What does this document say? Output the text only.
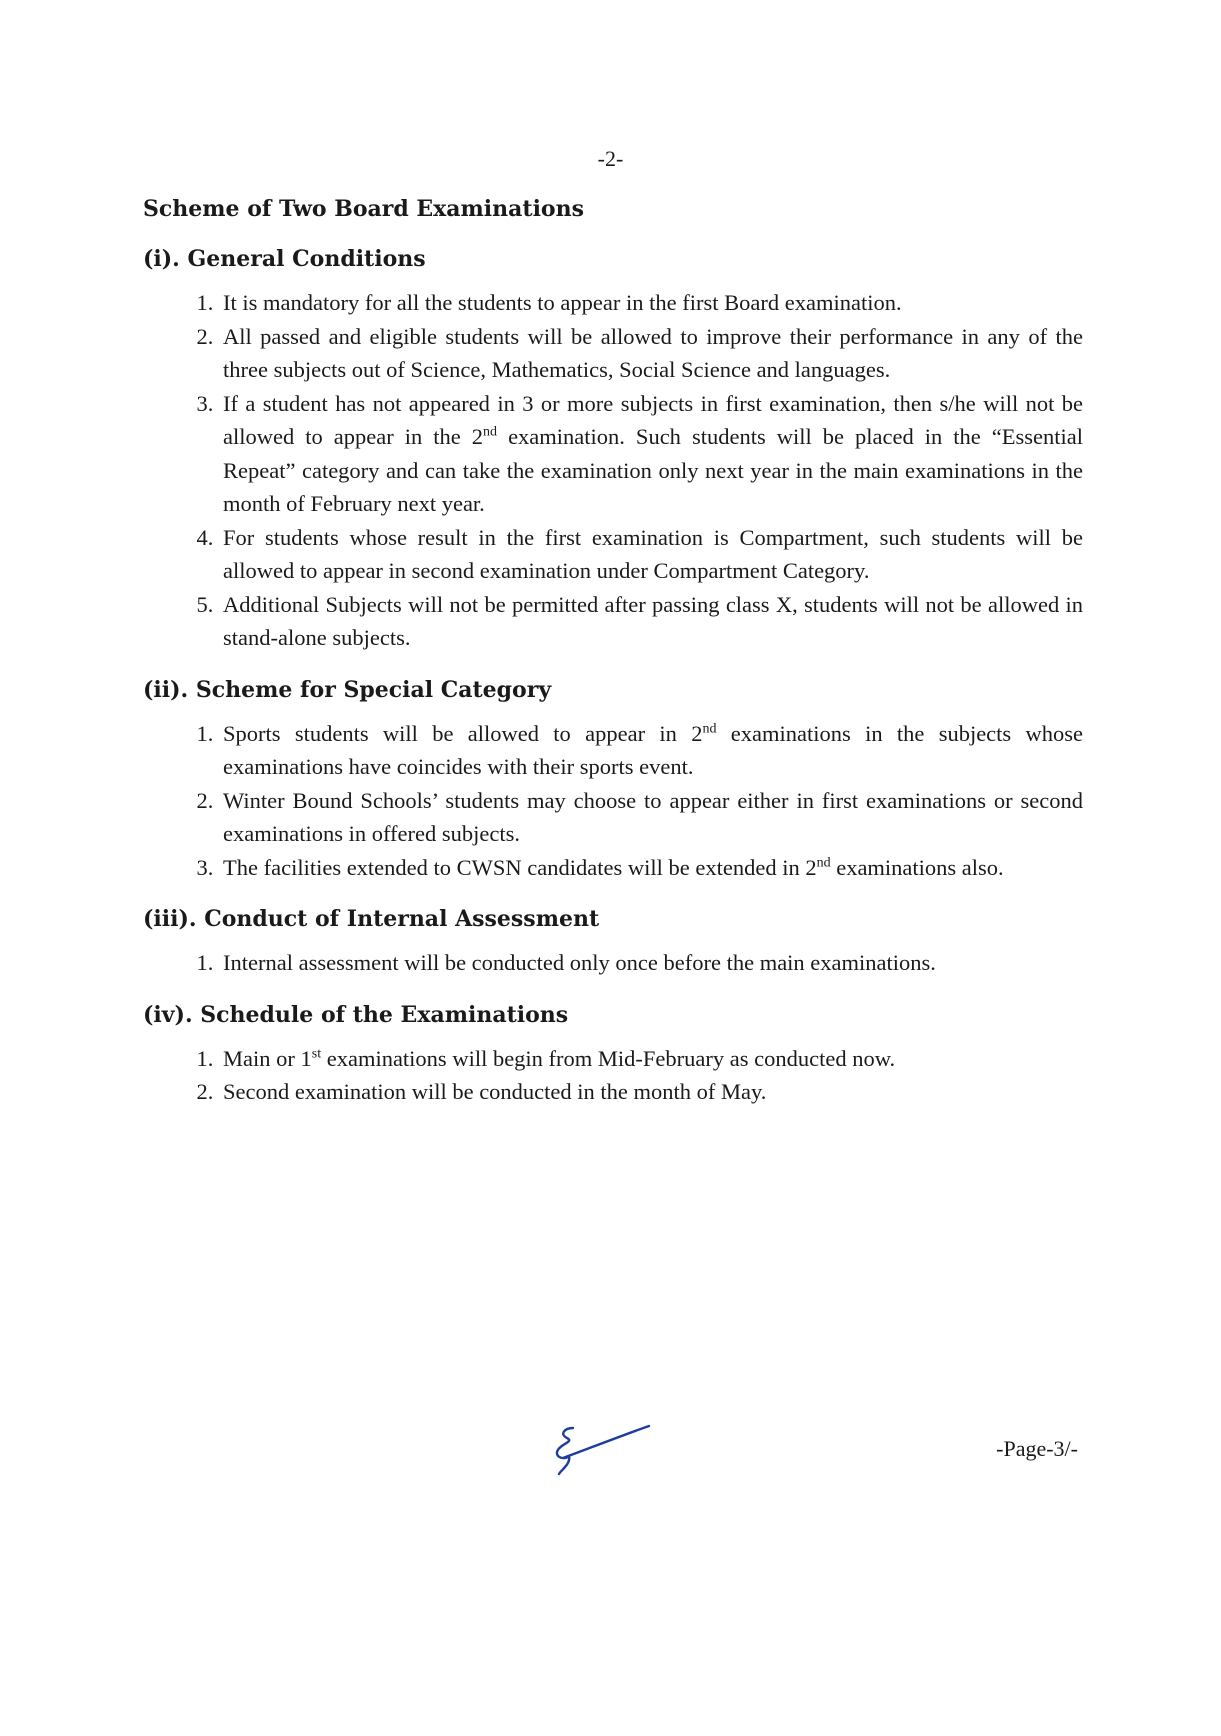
-2-
Scheme of Two Board Examinations
(i). General Conditions
1. It is mandatory for all the students to appear in the first Board examination.
2. All passed and eligible students will be allowed to improve their performance in any of the three subjects out of Science, Mathematics, Social Science and languages.
3. If a student has not appeared in 3 or more subjects in first examination, then s/he will not be allowed to appear in the 2nd examination. Such students will be placed in the “Essential Repeat” category and can take the examination only next year in the main examinations in the month of February next year.
4. For students whose result in the first examination is Compartment, such students will be allowed to appear in second examination under Compartment Category.
5. Additional Subjects will not be permitted after passing class X, students will not be allowed in stand-alone subjects.
(ii). Scheme for Special Category
1. Sports students will be allowed to appear in 2nd examinations in the subjects whose examinations have coincides with their sports event.
2. Winter Bound Schools’ students may choose to appear either in first examinations or second examinations in offered subjects.
3. The facilities extended to CWSN candidates will be extended in 2nd examinations also.
(iii). Conduct of Internal Assessment
1. Internal assessment will be conducted only once before the main examinations.
(iv). Schedule of the Examinations
1. Main or 1st examinations will begin from Mid-February as conducted now.
2. Second examination will be conducted in the month of May.
-Page-3/-
